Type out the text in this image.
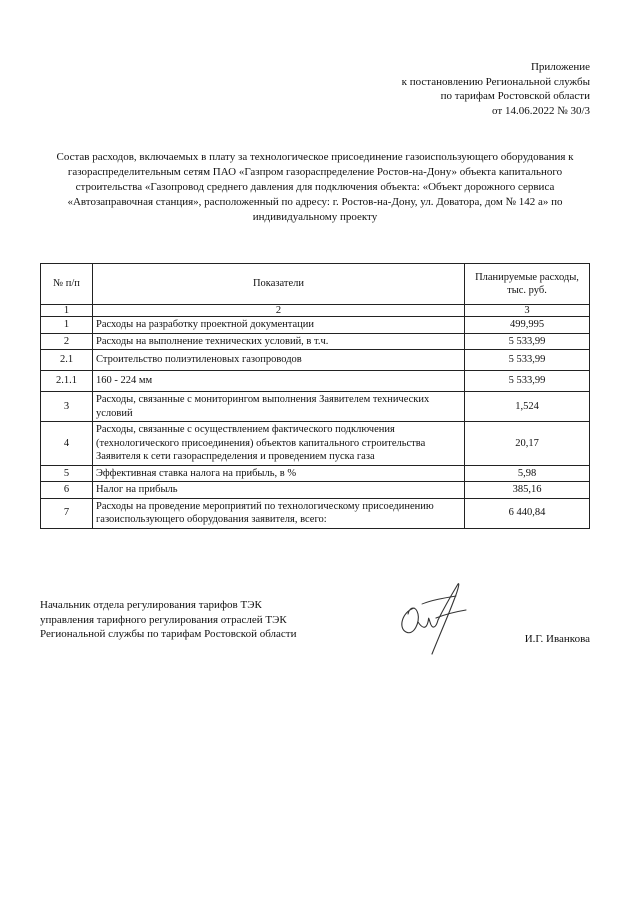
Приложение
к постановлению Региональной службы
по тарифам Ростовской области
от 14.06.2022 № 30/3
Состав расходов, включаемых в плату за технологическое присоединение газоиспользующего оборудования к
газораспределительным сетям ПАО «Газпром газораспределение Ростов-на-Дону» объекта капитального
строительства «Газопровод среднего давления для подключения объекта: «Объект дорожного сервиса
«Автозаправочная станция», расположенный по адресу: г. Ростов-на-Дону, ул. Доватора, дом № 142 а» по
индивидуальному проекту
№ п/п	Показатели	Планируемые расходы,
тыс. руб.

1	2	3
1	Расходы на разработку проектной документации	499,995
2	Расходы на выполнение технических условий, в т.ч.	5 533,99
2.1	Строительство полиэтиленовых газопроводов	5 533,99
2.1.1	160 - 224 мм	5 533,99
3	Расходы, связанные с мониторингом выполнения Заявителем технических условий	1,524
4	Расходы, связанные с осуществлением фактического подключения (технологического присоединения) объектов капитального строительства Заявителя к сети газораспределения и проведением пуска газа	20,17
5	Эффективная ставка налога на прибыль, в %	5,98
6	Налог на прибыль	385,16
7	Расходы на проведение мероприятий по технологическому присоединению газоиспользующего оборудования заявителя, всего:	6 440,84
Начальник отдела регулирования тарифов ТЭК
управления тарифного регулирования отраслей ТЭК
Региональной службы по тарифам Ростовской области	И.Г. Иванкова
